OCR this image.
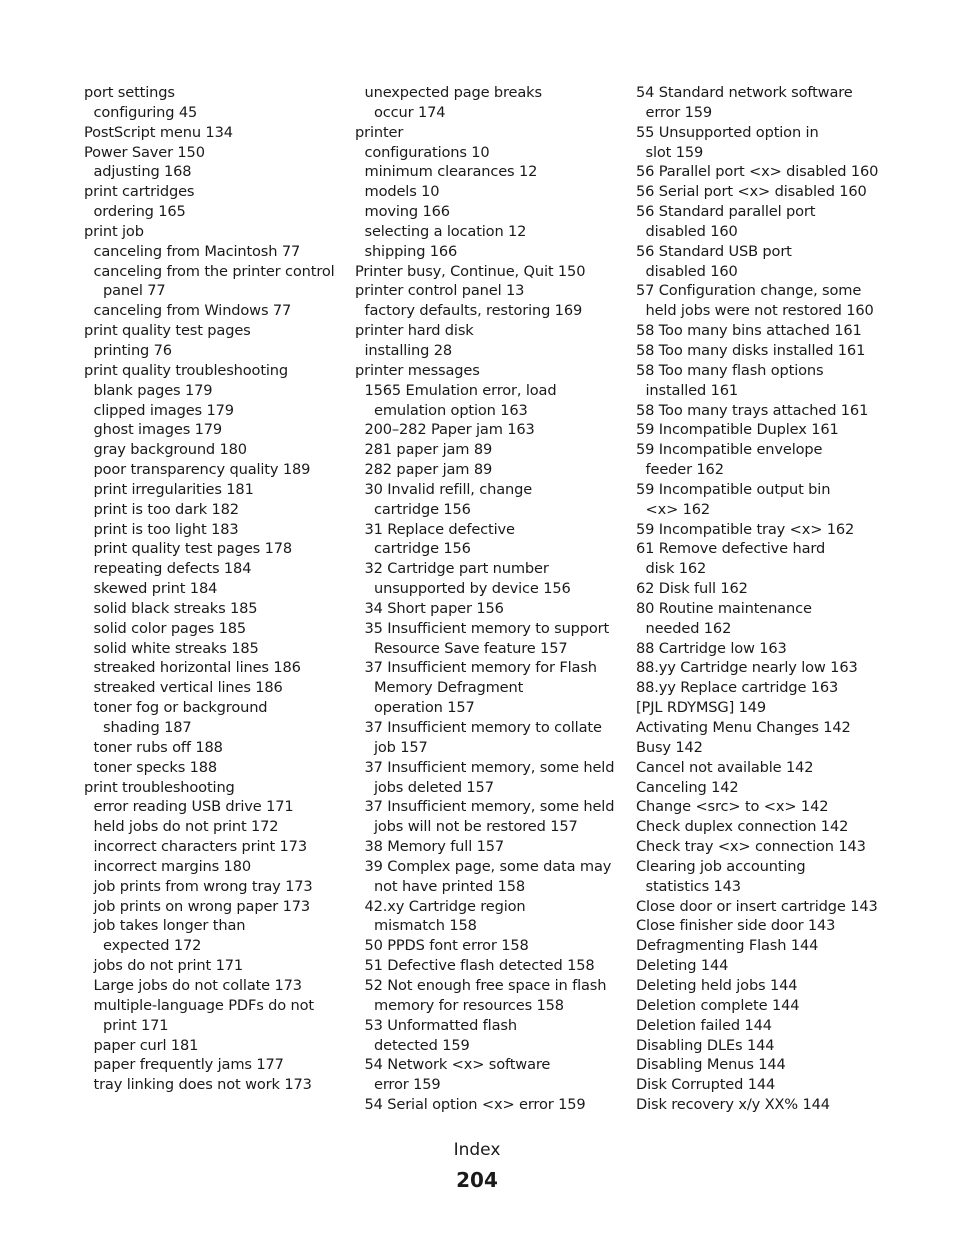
port settings
configuring 45
PostScript menu 134
Power Saver 150
adjusting 168
print cartridges
ordering 165
print job
canceling from Macintosh 77
canceling from the printer control
panel 77
canceling from Windows 77
print quality test pages
printing 76
print quality troubleshooting
blank pages 179
clipped images 179
ghost images 179
gray background 180
poor transparency quality 189
print irregularities 181
print is too dark 182
print is too light 183
print quality test pages 178
repeating defects 184
skewed print 184
solid black streaks 185
solid color pages 185
solid white streaks 185
streaked horizontal lines 186
streaked vertical lines 186
toner fog or background
shading 187
toner rubs off 188
toner specks 188
print troubleshooting
error reading USB drive 171
held jobs do not print 172
incorrect characters print 173
incorrect margins 180
job prints from wrong tray 173
job prints on wrong paper 173
job takes longer than
expected 172
jobs do not print 171
Large jobs do not collate 173
multiple-language PDFs do not
print 171
paper curl 181
paper frequently jams 177
tray linking does not work 173
unexpected page breaks
occur 174
printer
configurations 10
minimum clearances 12
models 10
moving 166
selecting a location 12
shipping 166
Printer busy, Continue, Quit 150
printer control panel 13
factory defaults, restoring 169
printer hard disk
installing 28
printer messages
1565 Emulation error, load
emulation option 163
200–282 Paper jam 163
281 paper jam 89
282 paper jam 89
30 Invalid refill, change
cartridge 156
31 Replace defective
cartridge 156
32 Cartridge part number
unsupported by device 156
34 Short paper 156
35 Insufficient memory to support
Resource Save feature 157
37 Insufficient memory for Flash
Memory Defragment
operation 157
37 Insufficient memory to collate
job 157
37 Insufficient memory, some held
jobs deleted 157
37 Insufficient memory, some held
jobs will not be restored 157
38 Memory full 157
39 Complex page, some data may
not have printed 158
42.xy Cartridge region
mismatch 158
50 PPDS font error 158
51 Defective flash detected 158
52 Not enough free space in flash
memory for resources 158
53 Unformatted flash
detected 159
54 Network <x> software
error 159
54 Serial option <x> error 159
54 Standard network software
error 159
55 Unsupported option in
slot 159
56 Parallel port <x> disabled 160
56 Serial port <x> disabled 160
56 Standard parallel port
disabled 160
56 Standard USB port
disabled 160
57 Configuration change, some
held jobs were not restored 160
58 Too many bins attached 161
58 Too many disks installed 161
58 Too many flash options
installed 161
58 Too many trays attached 161
59 Incompatible Duplex 161
59 Incompatible envelope
feeder 162
59 Incompatible output bin
<x> 162
59 Incompatible tray <x> 162
61 Remove defective hard
disk 162
62 Disk full 162
80 Routine maintenance
needed 162
88 Cartridge low 163
88.yy Cartridge nearly low 163
88.yy Replace cartridge 163
[PJL RDYMSG] 149
Activating Menu Changes 142
Busy 142
Cancel not available 142
Canceling 142
Change <src> to <x> 142
Check duplex connection 142
Check tray <x> connection 143
Clearing job accounting
statistics 143
Close door or insert cartridge 143
Close finisher side door 143
Defragmenting Flash 144
Deleting 144
Deleting held jobs 144
Deletion complete 144
Deletion failed 144
Disabling DLEs 144
Disabling Menus 144
Disk Corrupted 144
Disk recovery x/y XX% 144
Index
204
